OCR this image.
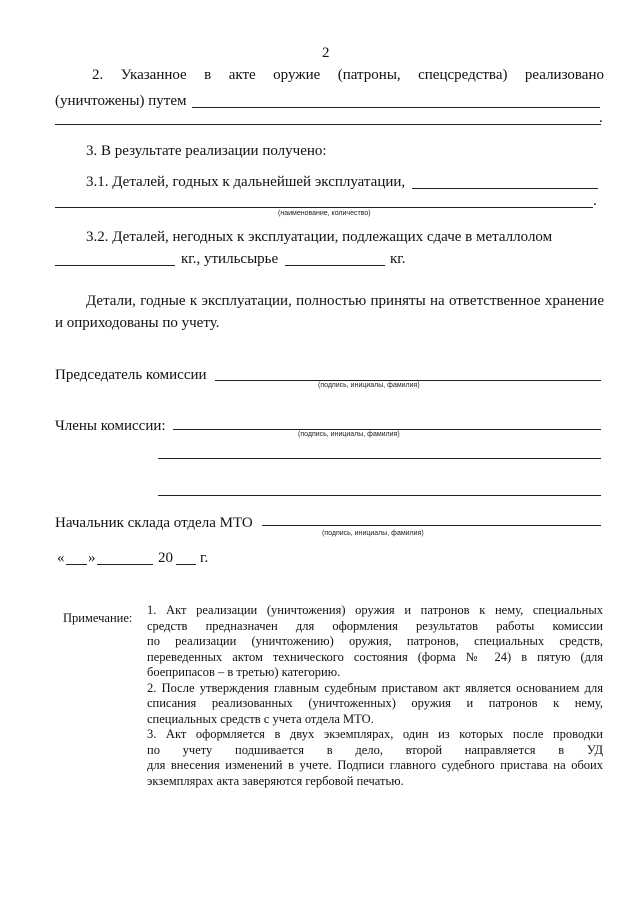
2
2. Указанное в акте оружие (патроны, спецсредства) реализовано
(уничтожены) путем
.
3. В результате реализации получено:
3.1. Деталей, годных к дальнейшей эксплуатации,
.
(наименование, количество)
3.2. Деталей, негодных к эксплуатации, подлежащих сдаче в металлолом
кг., утильсырье	кг.
Детали, годные к эксплуатации, полностью приняты на ответственное хранение
и оприходованы по учету.
Председатель комиссии
(подпись, инициалы, фамилия)
Члены комиссии:
(подпись, инициалы, фамилия)
Начальник склада отдела МТО
(подпись, инициалы, фамилия)
« »	20 г.
Примечание:
1. Акт реализации (уничтожения) оружия и патронов к нему, специальных
средств предназначен для оформления результатов работы комиссии
по реализации (уничтожению) оружия, патронов, специальных средств,
переведенных актом технического состояния (форма № 24) в пятую (для
боеприпасов – в третью) категорию.
2. После утверждения главным судебным приставом акт является основанием для
списания реализованных (уничтоженных) оружия и патронов к нему,
специальных средств с учета отдела МТО.
3. Акт оформляется в двух экземплярах, один из которых после проводки
по учету подшивается в дело, второй направляется в УД
для внесения изменений в учете. Подписи главного судебного пристава на обоих
экземплярах акта заверяются гербовой печатью.
